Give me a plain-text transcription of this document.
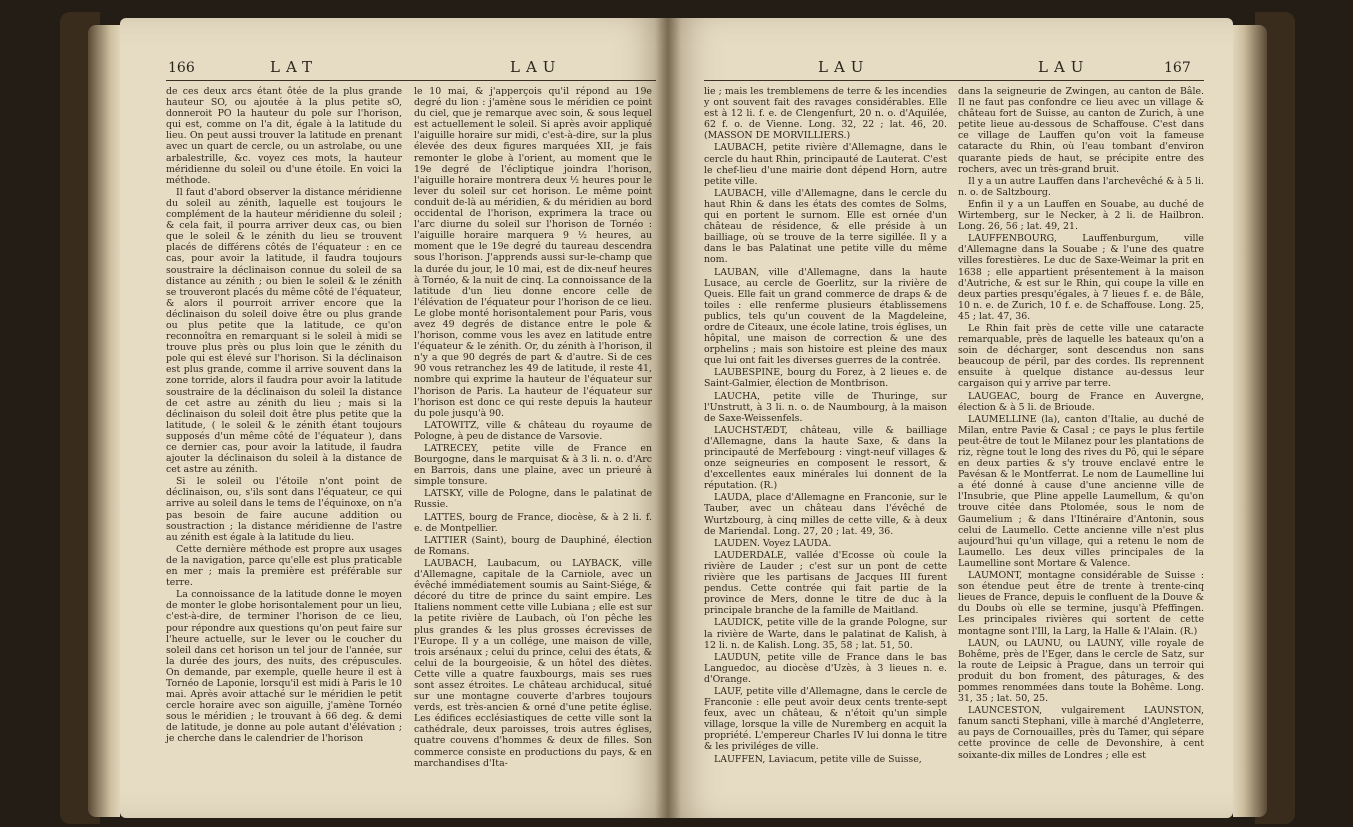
166	LAT	LAU

de ces deux arcs étant ôtée de la plus grande hauteur SO, ou ajoutée à la plus petite sO, donneroit PO la hauteur du pole sur l'horison, qui est, comme on l'a dit, égale à la latitude du lieu. On peut aussi trouver la latitude en prenant avec un quart de cercle, ou un astrolabe, ou une arbalestrille, &c. voyez ces mots, la hauteur méridienne du soleil ou d'une étoile. En voici la méthode.

Il faut d'abord observer la distance méridienne du soleil au zénith, laquelle est toujours le complément de la hauteur méridienne du soleil ; & cela fait, il pourra arriver deux cas, ou bien que le soleil & le zénith du lieu se trouvent placés de différens côtés de l'équateur : en ce cas, pour avoir la latitude, il faudra toujours soustraire la déclinaison connue du soleil de sa distance au zénith ; ou bien le soleil & le zénith se trouveront placés du même côté de l'équateur, & alors il pourroit arriver encore que la déclinaison du soleil doive être ou plus grande ou plus petite que la latitude, ce qu'on reconnoîtra en remarquant si le soleil à midi se trouve plus près ou plus loin que le zénith du pole qui est élevé sur l'horison. Si la déclinaison est plus grande, comme il arrive souvent dans la zone torride, alors il faudra pour avoir la latitude soustraire de la déclinaison du soleil la distance de cet astre au zénith du lieu ; mais si la déclinaison du soleil doit être plus petite que la latitude, ( le soleil & le zénith étant toujours supposés d'un même côté de l'équateur ), dans ce dernier cas, pour avoir la latitude, il faudra ajouter la déclinaison du soleil à la distance de cet astre au zénith.

Si le soleil ou l'étoile n'ont point de déclinaison, ou, s'ils sont dans l'équateur, ce qui arrive au soleil dans le tems de l'équinoxe, on n'a pas besoin de faire aucune addition ou soustraction ; la distance méridienne de l'astre au zénith est égale à la latitude du lieu.

Cette dernière méthode est propre aux usages de la navigation, parce qu'elle est plus praticable en mer ; mais la première est préférable sur terre.

La connoissance de la latitude donne le moyen de monter le globe horisontalement pour un lieu, c'est-à-dire, de terminer l'horison de ce lieu, pour répondre aux questions qu'on peut faire sur l'heure actuelle, sur le lever ou le coucher du soleil dans cet horison un tel jour de l'année, sur la durée des jours, des nuits, des crépuscules. On demande, par exemple, quelle heure il est à Tornéo de Laponie, lorsqu'il est midi à Paris le 10 mai. Après avoir attaché sur le méridien le petit cercle horaire avec son aiguille, j'amène Tornéo sous le méridien ; le trouvant à 66 deg. & demi de latitude, je donne au pole autant d'élévation ; je cherche dans le calendrier de l'horison

le 10 mai, & j'apperçois qu'il répond au 19e degré du lion : j'amène sous le méridien ce point du ciel, que je remarque avec soin, & sous lequel est actuellement le soleil. Si après avoir appliqué l'aiguille horaire sur midi, c'est-à-dire, sur la plus élevée des deux figures marquées XII, je fais remonter le globe à l'orient, au moment que le 19e degré de l'écliptique joindra l'horison, l'aiguille horaire montrera deux ½ heures pour le lever du soleil sur cet horison. Le même point conduit de-là au méridien, & du méridien au bord occidental de l'horison, exprimera la trace ou l'arc diurne du soleil sur l'horison de Tornéo : l'aiguille horaire marquera 9 ½ heures, au moment que le 19e degré du taureau descendra sous l'horison. J'apprends aussi sur-le-champ que la durée du jour, le 10 mai, est de dix-neuf heures à Tornéo, & la nuit de cinq. La connoissance de la latitude d'un lieu donne encore celle de l'élévation de l'équateur pour l'horison de ce lieu. Le globe monté horisontalement pour Paris, vous avez 49 degrés de distance entre le pole & l'horison, comme vous les avez en latitude entre l'équateur & le zénith. Or, du zénith à l'horison, il n'y a que 90 degrés de part & d'autre. Si de ces 90 vous retranchez les 49 de latitude, il reste 41, nombre qui exprime la hauteur de l'équateur sur l'horison de Paris. La hauteur de l'équateur sur l'horison est donc ce qui reste depuis la hauteur du pole jusqu'à 90.

LATOWITZ, ville & château du royaume de Pologne, à peu de distance de Varsovie.

LATRECEY, petite ville de France en Bourgogne, dans le marquisat & à 3 li. n. o. d'Arc en Barrois, dans une plaine, avec un prieuré à simple tonsure.

LATSKY, ville de Pologne, dans le palatinat de Russie.

LATTES, bourg de France, diocèse, & à 2 li. f. e. de Montpellier.

LATTIER (Saint), bourg de Dauphiné, élection de Romans.

LAUBACH, Laubacum, ou LAYBACK, ville d'Allemagne, capitale de la Carniole, avec un évêché immédiatement soumis au Saint-Siége, & décoré du titre de prince du saint empire. Les Italiens nomment cette ville Lubiana ; elle est sur la petite rivière de Laubach, où l'on pêche les plus grandes & les plus grosses écrevisses de l'Europe. Il y a un collége, une maison de ville, trois arsénaux ; celui du prince, celui des états, & celui de la bourgeoisie, & un hôtel des diètes. Cette ville a quatre fauxbourgs, mais ses rues sont assez étroites. Le château archiducal, situé sur une montagne couverte d'arbres toujours verds, est très-ancien & orné d'une petite église. Les édifices ecclésiastiques de cette ville sont la cathédrale, deux paroisses, trois autres églises, quatre couvens d'hommes & deux de filles. Son commerce consiste en productions du pays, & en marchandises d'Ita-

LAU	LAU	167

lie ; mais les tremblemens de terre & les incendies y ont souvent fait des ravages considérables. Elle est à 12 li. f. e. de Clengenfurt, 20 n. o. d'Aquilée, 62 f. o. de Vienne. Long. 32, 22 ; lat. 46, 20. (MASSON DE MORVILLIERS.)

LAUBACH, petite rivière d'Allemagne, dans le cercle du haut Rhin, principauté de Lauterat. C'est le chef-lieu d'une mairie dont dépend Horn, autre petite ville.

LAUBACH, ville d'Allemagne, dans le cercle du haut Rhin & dans les états des comtes de Solms, qui en portent le surnom. Elle est ornée d'un château de résidence, & elle préside à un bailliage, où se trouve de la terre sigillée. Il y a dans le bas Palatinat une petite ville du même nom.

LAUBAN, ville d'Allemagne, dans la haute Lusace, au cercle de Goerlitz, sur la rivière de Queis. Elle fait un grand commerce de draps & de toiles : elle renferme plusieurs établissemens publics, tels qu'un couvent de la Magdeleine, ordre de Citeaux, une école latine, trois églises, un hôpital, une maison de correction & une des orphelins ; mais son histoire est pleine des maux que lui ont fait les diverses guerres de la contrée.

LAUBESPINE, bourg du Forez, à 2 lieues e. de Saint-Galmier, élection de Montbrison.

LAUCHA, petite ville de Thuringe, sur l'Unstrutt, à 3 li. n. o. de Naumbourg, à la maison de Saxe-Weissenfels.

LAUCHSTÆDT, château, ville & bailliage d'Allemagne, dans la haute Saxe, & dans la principauté de Merfebourg : vingt-neuf villages & onze seigneuries en composent le ressort, & d'excellentes eaux minérales lui donnent de la réputation. (R.)

LAUDA, place d'Allemagne en Franconie, sur le Tauber, avec un château dans l'évêché de Wurtzbourg, à cinq milles de cette ville, & à deux de Mariendal. Long. 27, 20 ; lat. 49, 36.

LAUDEN. Voyez LAUDA.

LAUDERDALE, vallée d'Ecosse où coule la rivière de Lauder ; c'est sur un pont de cette rivière que les partisans de Jacques III furent pendus. Cette contrée qui fait partie de la province de Mers, donne le titre de duc à la principale branche de la famille de Maitland.

LAUDICK, petite ville de la grande Pologne, sur la rivière de Warte, dans le palatinat de Kalish, à 12 li. n. de Kalish. Long. 35, 58 ; lat. 51, 50.

LAUDUN, petite ville de France dans le bas Languedoc, au diocèse d'Uzès, à 3 lieues n. e. d'Orange.

LAUF, petite ville d'Allemagne, dans le cercle de Franconie : elle peut avoir deux cents trente-sept feux, avec un château, & n'étoit qu'un simple village, lorsque la ville de Nuremberg en acquit la propriété. L'empereur Charles IV lui donna le titre & les priviléges de ville.

LAUFFEN, Laviacum, petite ville de Suisse,

dans la seigneurie de Zwingen, au canton de Bâle. Il ne faut pas confondre ce lieu avec un village & château fort de Suisse, au canton de Zurich, à une petite lieue au-dessous de Schaffouse. C'est dans ce village de Lauffen qu'on voit la fameuse cataracte du Rhin, où l'eau tombant d'environ quarante pieds de haut, se précipite entre des rochers, avec un très-grand bruit.

Il y a un autre Lauffen dans l'archevêché & à 5 li. n. o. de Saltzbourg.

Enfin il y a un Lauffen en Souabe, au duché de Wirtemberg, sur le Necker, à 2 li. de Hailbron. Long. 26, 56 ; lat. 49, 21.

LAUFFENBOURG, Lauffenburgum, ville d'Allemagne dans la Souabe ; & l'une des quatre villes forestières. Le duc de Saxe-Weimar la prit en 1638 ; elle appartient présentement à la maison d'Autriche, & est sur le Rhin, qui coupe la ville en deux parties presqu'égales, à 7 lieues f. e. de Bâle, 10 n. e. de Zurich, 10 f. e. de Schaffouse. Long. 25, 45 ; lat. 47, 36.

Le Rhin fait près de cette ville une cataracte remarquable, près de laquelle les bateaux qu'on a soin de décharger, sont descendus non sans beaucoup de péril, par des cordes. Ils reprennent ensuite à quelque distance au-dessus leur cargaison qui y arrive par terre.

LAUGEAC, bourg de France en Auvergne, élection & à 5 li. de Brioude.

LAUMELLINE (la), canton d'Italie, au duché de Milan, entre Pavie & Casal ; ce pays le plus fertile peut-être de tout le Milanez pour les plantations de riz, règne tout le long des rives du Pô, qui le sépare en deux parties & s'y trouve enclavé entre le Pavésan & le Montferrat. Le nom de Laumelline lui a été donné à cause d'une ancienne ville de l'Insubrie, que Pline appelle Laumellum, & qu'on trouve citée dans Ptolomée, sous le nom de Gaumelium ; & dans l'Itinéraire d'Antonin, sous celui de Laumello. Cette ancienne ville n'est plus aujourd'hui qu'un village, qui a retenu le nom de Laumello. Les deux villes principales de la Laumelline sont Mortare & Valence.

LAUMONT, montagne considérable de Suisse : son étendue peut être de trente à trente-cinq lieues de France, depuis le confluent de la Douve & du Doubs où elle se termine, jusqu'à Pfeffingen. Les principales rivières qui sortent de cette montagne sont l'Ill, la Larg, la Halle & l'Alain. (R.)

LAUN, ou LAUNU, ou LAUNY, ville royale de Bohême, près de l'Eger, dans le cercle de Satz, sur la route de Leipsic à Prague, dans un terroir qui produit du bon froment, des pâturages, & des pommes renommées dans toute la Bohême. Long. 31, 35 ; lat. 50, 25.

LAUNCESTON, vulgairement LAUNSTON, fanum sancti Stephani, ville à marché d'Angleterre, au pays de Cornouailles, près du Tamer, qui sépare cette province de celle de Devonshire, à cent soixante-dix milles de Londres ; elle est
